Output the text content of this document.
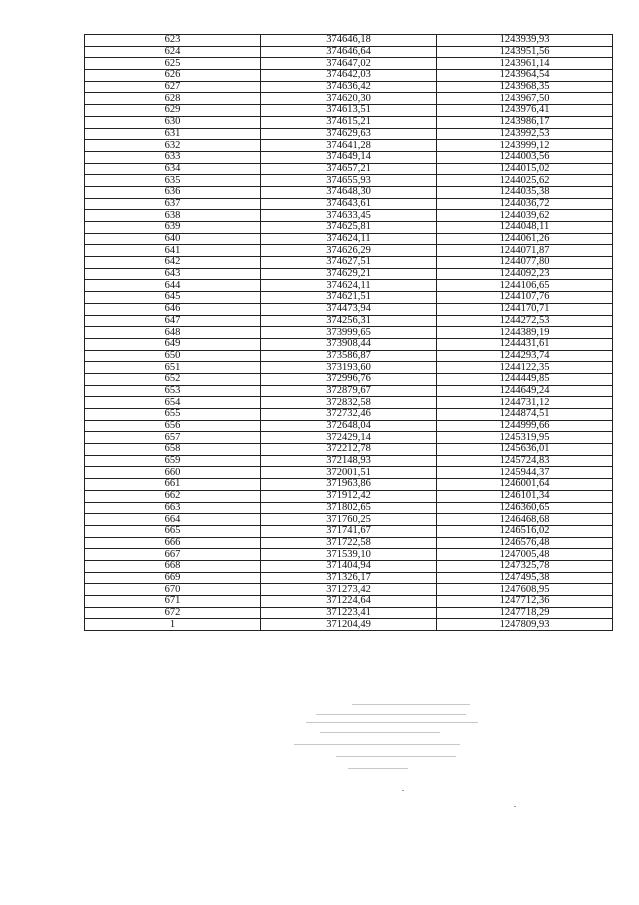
623	374646,18	1243939,93
624	374646,64	1243951,56
625	374647,02	1243961,14
626	374642,03	1243964,54
627	374636,42	1243968,35
628	374620,30	1243967,50
629	374613,51	1243976,41
630	374615,21	1243986,17
631	374629,63	1243992,53
632	374641,28	1243999,12
633	374649,14	1244003,56
634	374657,21	1244015,02
635	374655,93	1244025,62
636	374648,30	1244035,38
637	374643,61	1244036,72
638	374633,45	1244039,62
639	374625,81	1244048,11
640	374624,11	1244061,26
641	374626,29	1244071,87
642	374627,51	1244077,80
643	374629,21	1244092,23
644	374624,11	1244106,65
645	374621,51	1244107,76
646	374473,94	1244170,71
647	374256,31	1244272,53
648	373999,65	1244389,19
649	373908,44	1244431,61
650	373586,87	1244293,74
651	373193,60	1244122,35
652	372996,76	1244449,85
653	372879,67	1244649,24
654	372832,58	1244731,12
655	372732,46	1244874,51
656	372648,04	1244999,66
657	372429,14	1245319,95
658	372212,78	1245636,01
659	372148,93	1245724,83
660	372001,51	1245944,37
661	371963,86	1246001,64
662	371912,42	1246101,34
663	371802,65	1246360,65
664	371760,25	1246468,68
665	371741,67	1246516,02
666	371722,58	1246576,48
667	371539,10	1247005,48
668	371404,94	1247325,78
669	371326,17	1247495,38
670	371273,42	1247608,95
671	371224,64	1247712,36
672	371223,41	1247718,29
1	371204,49	1247809,93
